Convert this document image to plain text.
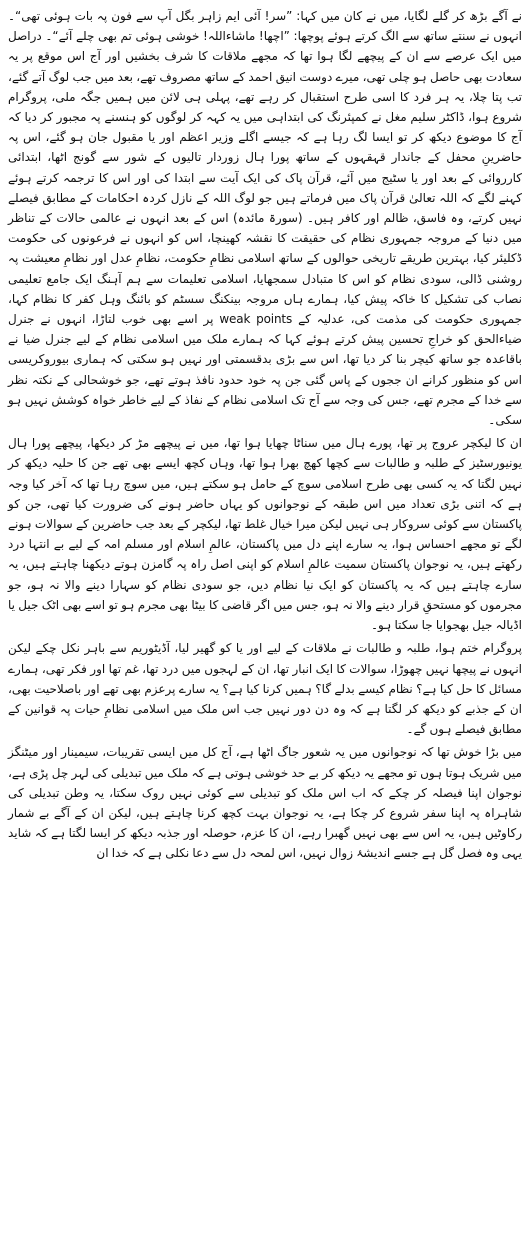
نے آگے بڑھ کر گلے لگایا، میں نے کان میں کہا: ”سر! آئی ایم زاہر بگل آپ سے فون پہ بات ہوئی تھی“۔ انہوں نے سنتے ساتھ سے الگ کرتے ہوئے پوچھا: ”اچھا! ماشاءاللہ! خوشی ہوئی تم بھی چلے آئے“۔ دراصل میں ایک عرصے سے ان کے پیچھے لگا ہوا تھا کہ مجھے ملاقات کا شرف بخشیں اور آج اس موقع پر یہ سعادت بھی حاصل ہو چلی تھی، میرے دوست انیق احمد کے ساتھ مصروف تھے، بعد میں جب لوگ آتے گئے، تب پتا چلا، یہ ہر فرد کا اسی طرح استقبال کر رہے تھے، پہلی ہی لائن میں ہمیں جگہ ملی، پروگرام شروع ہوا، ڈاکٹر سلیم مغل نے کمپئرنگ کی ابتداہی میں یہ کہہ کر لوگوں کو ہنسنے پہ مجبور کر دیا کہ آج کا موضوع دیکھ کر تو ایسا لگ رہا ہے کہ جیسے اگلے وزیر اعظم اور یا مقبول جان ہو گئے، اس پہ حاضرینِ محفل کے جاندار قہقہوں کے ساتھ پورا ہال زوردار تالیوں کے شور سے گونج اٹھا، ابتدائی کارروائی کے بعد اور یا سٹیج میں آئے، قرآن پاک کی ایک آیت سے ابتدا کی اور اس کا ترجمہ کرتے ہوئے کہنے لگے کہ اللہ تعالیٰ قرآن پاک میں فرماتے ہیں جو لوگ اللہ کے نازل کردہ احکامات کے مطابق فیصلے نہیں کرتے، وہ فاسق، ظالم اور کافر ہیں۔ (سورۃ مائدہ) اس کے بعد انہوں نے عالمی حالات کے تناظر میں دنیا کے مروجہ جمہوری نظام کی حقیقت کا نقشہ کھینچا، اس کو انہوں نے فرعونوں کی حکومت ڈکلیئر کیا، بہترین طریقے تاریخی حوالوں کے ساتھ اسلامی نظامِ حکومت، نظامِ عدل اور نظامِ معیشت پہ روشنی ڈالی، سودی نظام کو اس کا متبادل سمجھایا، اسلامی تعلیمات سے ہم آہنگ ایک جامع تعلیمی نصاب کی تشکیل کا خاکہ پیش کیا، ہمارے ہاں مروجہ بینکنگ سسٹم کو بائنگ وہل کفر کا نظام کہا، جمہوری حکومت کی مذمت کی، عدلیہ کے weak points پر اسے بھی خوب لتاڑا، انہوں نے جنرل ضیاءالحق کو خراجِ تحسین پیش کرتے ہوئے کہا کہ ہمارے ملک میں اسلامی نظام کے لیے جنرل ضیا نے باقاعدہ جو ساتھ کیچر بنا کر دیا تھا، اس سے بڑی بدقسمتی اور نہیں ہو سکتی کہ ہماری بیوروکریسی اس کو منظور کرانے ان ججوں کے پاس گئی جن پہ خود حدود نافذ ہوتے تھے، جو خوشحالی کے نکتہ نظر سے خدا کے مجرم تھے، جس کی وجہ سے آج تک اسلامی نظام کے نفاذ کے لیے خاطر خواہ کوشش نہیں ہو سکی۔

ان کا لیکچر عروج پر تھا، پورے ہال میں سناٹا چھایا ہوا تھا، میں نے پیچھے مڑ کر دیکھا، پیچھے پورا ہال یونیورسٹیز کے طلبہ و طالبات سے کچھا کھچ بھرا ہوا تھا، وہاں کچھ ایسے بھی تھے جن کا حلیہ دیکھ کر نہیں لگتا کہ یہ کسی بھی طرح اسلامی سوچ کے حامل ہو سکتے ہیں، میں سوچ رہا تھا کہ آخر کیا وجہ ہے کہ اتنی بڑی تعداد میں اس طبقہ کے نوجوانوں کو یہاں حاضر ہونے کی ضرورت کیا تھی، جن کو پاکستان سے کوئی سروکار ہی نہیں لیکن میرا خیال غلط تھا، لیکچر کے بعد جب حاضرین کے سوالات ہونے لگے تو مجھے احساس ہوا، یہ سارے اپنے دل میں پاکستان، عالمِ اسلام اور مسلم امہ کے لیے بے انتہا درد رکھتے ہیں، یہ نوجوان پاکستان سمیت عالمِ اسلام کو اپنی اصل راہ پہ گامزن ہوتے دیکھنا چاہتے ہیں، یہ سارے چاہتے ہیں کہ یہ پاکستان کو ایک نیا نظام دیں، جو سودی نظام کو سہارا دینے والا نہ ہو، جو مجرموں کو مستحقِ قرار دینے والا نہ ہو، جس میں اگر قاضی کا بیٹا بھی مجرم ہو تو اسے بھی اٹک جیل یا اڈیالہ جیل بھجوایا جا سکتا ہو۔

پروگرام ختم ہوا، طلبہ و طالبات نے ملاقات کے لیے اور یا کو گھیر لیا، آڈیٹوریم سے باہر نکل چکے لیکن انہوں نے پیچھا نہیں چھوڑا، سوالات کا ایک انبار تھا، ان کے لہجوں میں درد تھا، غم تھا اور فکر تھی، ہمارے مسائل کا حل کیا ہے؟ نظام کیسے بدلے گا؟ ہمیں کرنا کیا ہے؟ یہ سارے پرعزم بھی تھے اور باصلاحیت بھی، ان کے جذبے کو دیکھ کر لگتا ہے کہ وہ دن دور نہیں جب اس ملک میں اسلامی نظامِ حیات پہ قوانین کے مطابق فیصلے ہوں گے۔

میں بڑا خوش تھا کہ نوجوانوں میں یہ شعور جاگ اٹھا ہے، آج کل میں ایسی تقریبات، سیمینار اور میٹنگز میں شریک ہوتا ہوں تو مجھے یہ دیکھ کر بے حد خوشی ہوتی ہے کہ ملک میں تبدیلی کی لہر چل پڑی ہے، نوجوان اپنا فیصلہ کر چکے کہ اب اس ملک کو تبدیلی سے کوئی نہیں روک سکتا، یہ وطن تبدیلی کی شاہراہ پہ اپنا سفر شروع کر چکا ہے، یہ نوجوان بہت کچھ کرنا چاہتے ہیں، لیکن ان کے آگے بے شمار رکاوٹیں ہیں، یہ اس سے بھی نہیں گھبرا رہے، ان کا عزم، حوصلہ اور جذبہ دیکھ کر ایسا لگتا ہے کہ شاید یہی وہ فصل گل ہے جسے اندیشۂ زوال نہیں، اس لمحہ دل سے دعا نکلی ہے کہ خدا ان
